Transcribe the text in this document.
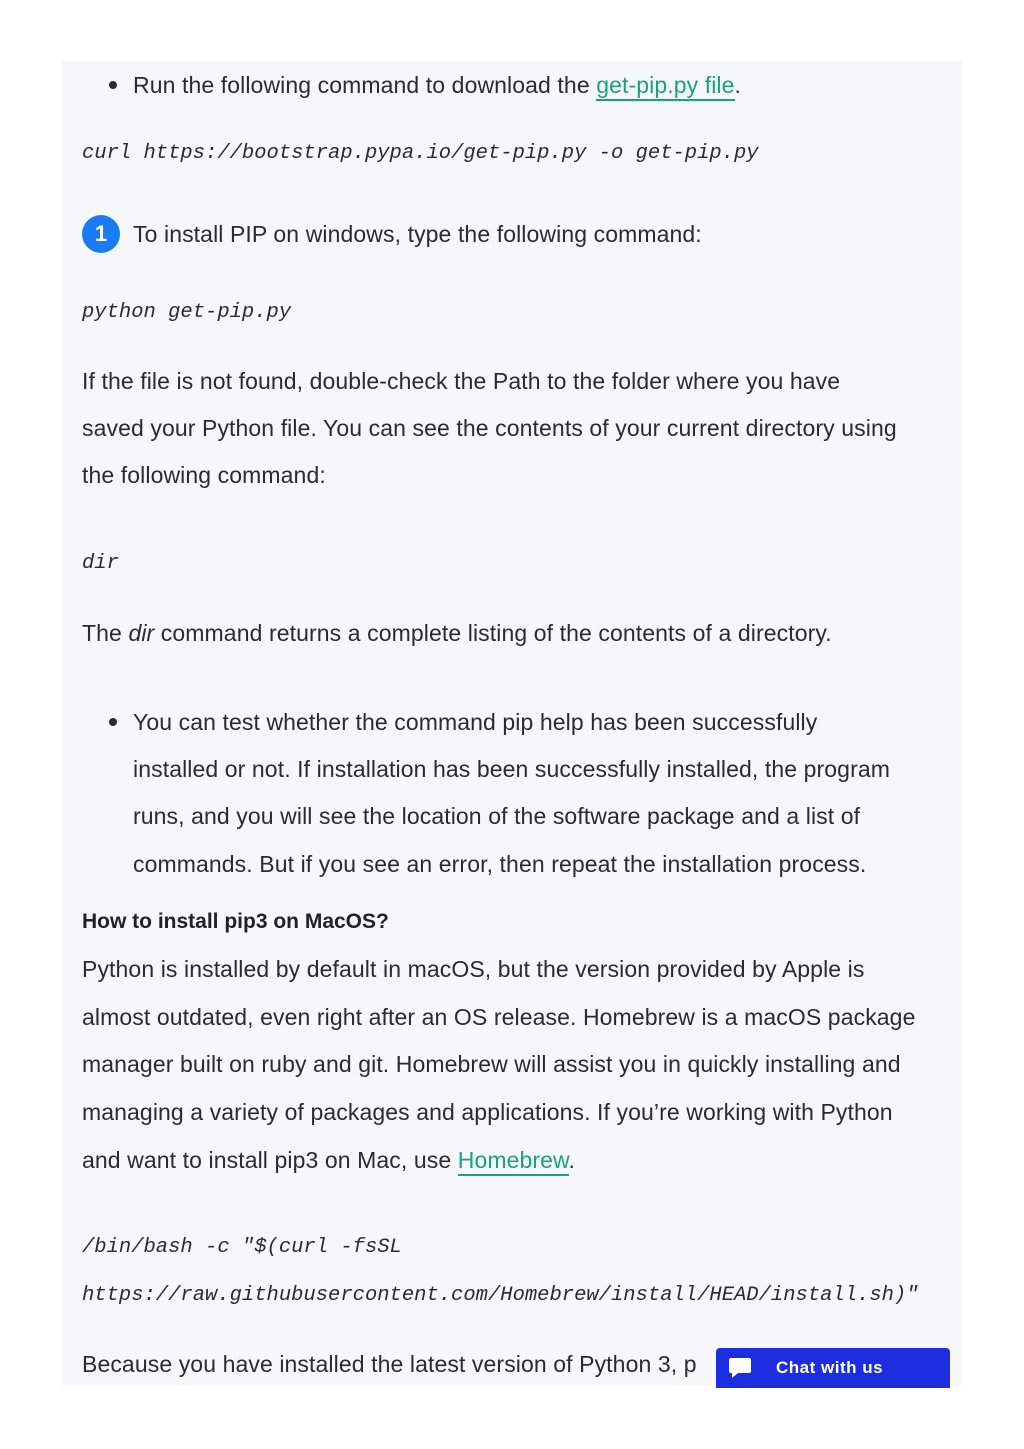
Run the following command to download the get-pip.py file.
curl https://bootstrap.pypa.io/get-pip.py -o get-pip.py
1	To install PIP on windows, type the following command:
python get-pip.py
If the file is not found, double-check the Path to the folder where you have
saved your Python file. You can see the contents of your current directory using
the following command:
dir
The dir command returns a complete listing of the contents of a directory.
You can test whether the command pip help has been successfully
installed or not. If installation has been successfully installed, the program
runs, and you will see the location of the software package and a list of
commands. But if you see an error, then repeat the installation process.
How to install pip3 on MacOS?
Python is installed by default in macOS, but the version provided by Apple is
almost outdated, even right after an OS release. Homebrew is a macOS package
manager built on ruby and git. Homebrew will assist you in quickly installing and
managing a variety of packages and applications. If you’re working with Python
and want to install pip3 on Mac, use Homebrew.
/bin/bash -c "$(curl -fsSL
https://raw.githubusercontent.com/Homebrew/install/HEAD/install.sh)"
Because you have installed the latest version of Python 3, p	Chat with us
